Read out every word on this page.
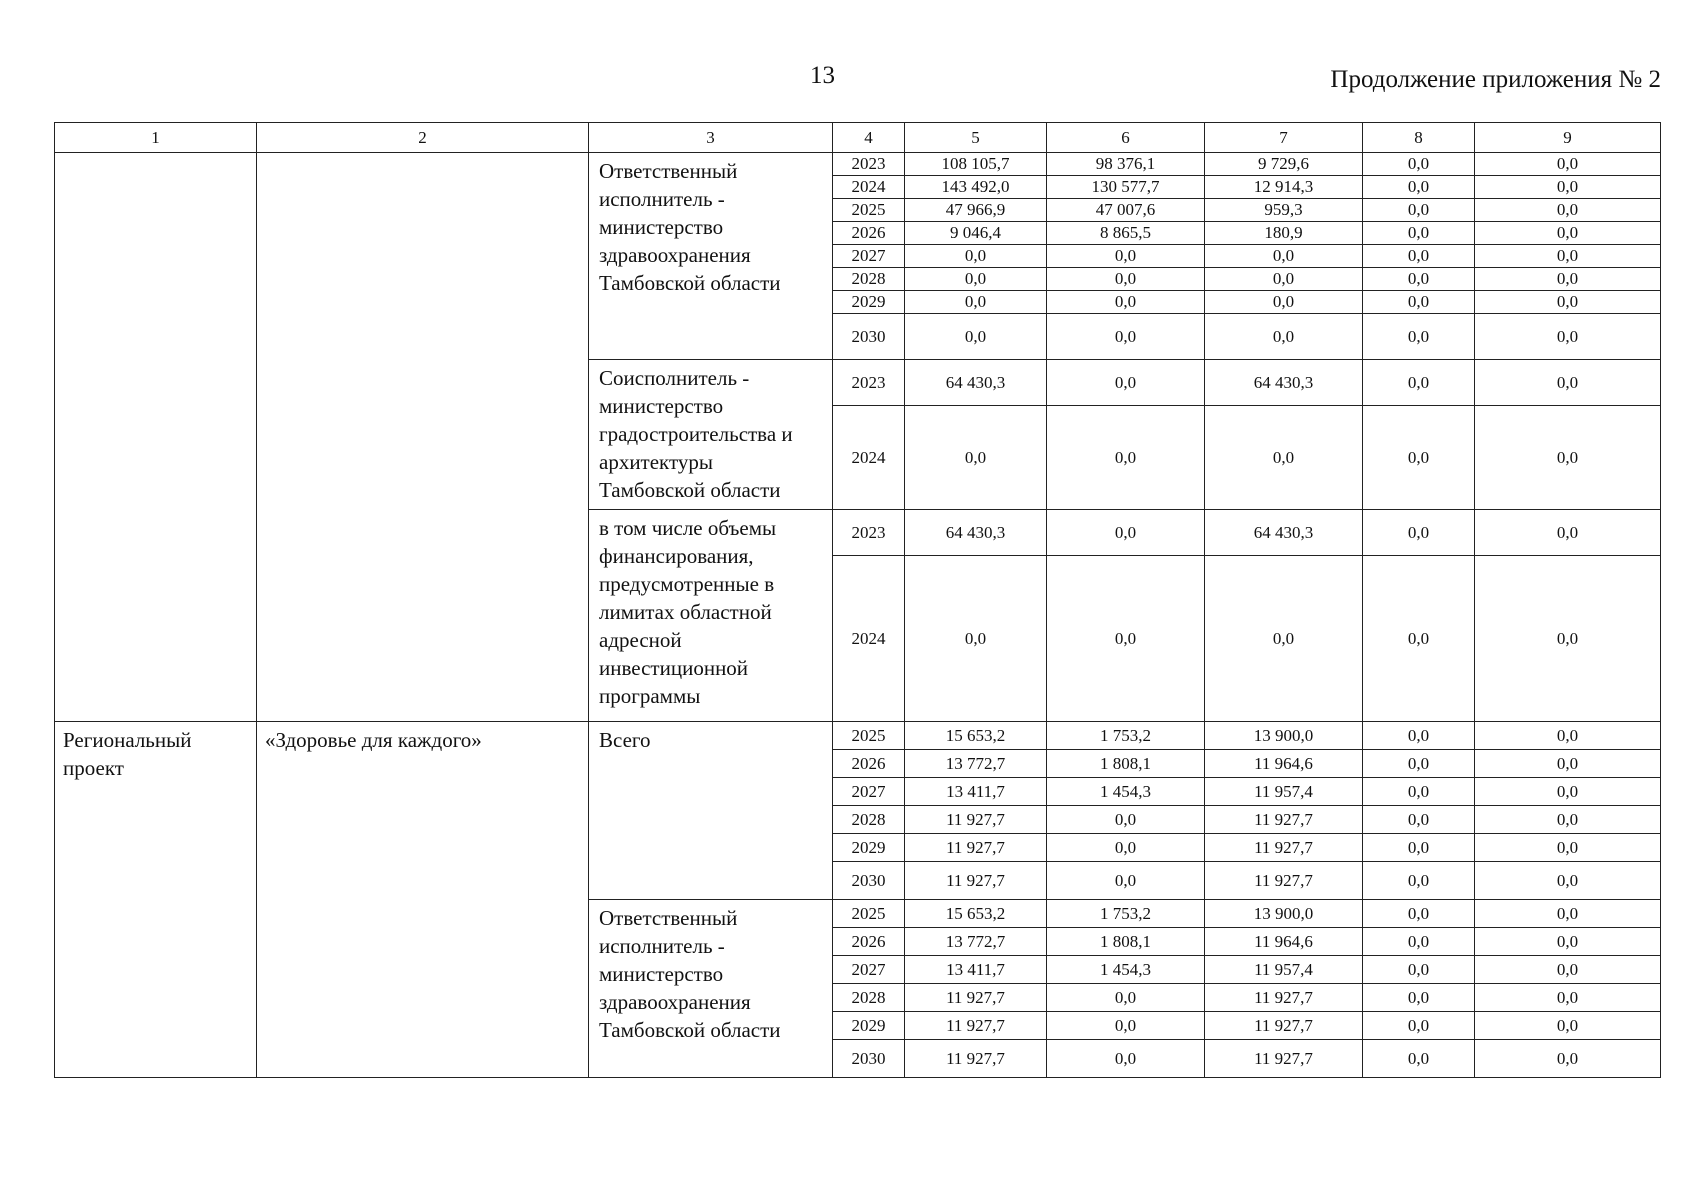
13	Продолжение приложения № 2
1	2	3	4	5	6	7	8	9
		Ответственный исполнитель - министерство здравоохранения Тамбовской области	2023	108 105,7	98 376,1	9 729,6	0,0	0,0
			2024	143 492,0	130 577,7	12 914,3	0,0	0,0
			2025	47 966,9	47 007,6	959,3	0,0	0,0
			2026	9 046,4	8 865,5	180,9	0,0	0,0
			2027	0,0	0,0	0,0	0,0	0,0
			2028	0,0	0,0	0,0	0,0	0,0
			2029	0,0	0,0	0,0	0,0	0,0
			2030	0,0	0,0	0,0	0,0	0,0
		Соисполнитель - министерство градостроительства и архитектуры Тамбовской области	2023	64 430,3	0,0	64 430,3	0,0	0,0
			2024	0,0	0,0	0,0	0,0	0,0
		в том числе объемы финансирования, предусмотренные в лимитах областной адресной инвестиционной программы	2023	64 430,3	0,0	64 430,3	0,0	0,0
			2024	0,0	0,0	0,0	0,0	0,0
Региональный проект	«Здоровье для каждого»	Всего	2025	15 653,2	1 753,2	13 900,0	0,0	0,0
			2026	13 772,7	1 808,1	11 964,6	0,0	0,0
			2027	13 411,7	1 454,3	11 957,4	0,0	0,0
			2028	11 927,7	0,0	11 927,7	0,0	0,0
			2029	11 927,7	0,0	11 927,7	0,0	0,0
			2030	11 927,7	0,0	11 927,7	0,0	0,0
		Ответственный исполнитель - министерство здравоохранения Тамбовской области	2025	15 653,2	1 753,2	13 900,0	0,0	0,0
			2026	13 772,7	1 808,1	11 964,6	0,0	0,0
			2027	13 411,7	1 454,3	11 957,4	0,0	0,0
			2028	11 927,7	0,0	11 927,7	0,0	0,0
			2029	11 927,7	0,0	11 927,7	0,0	0,0
			2030	11 927,7	0,0	11 927,7	0,0	0,0
